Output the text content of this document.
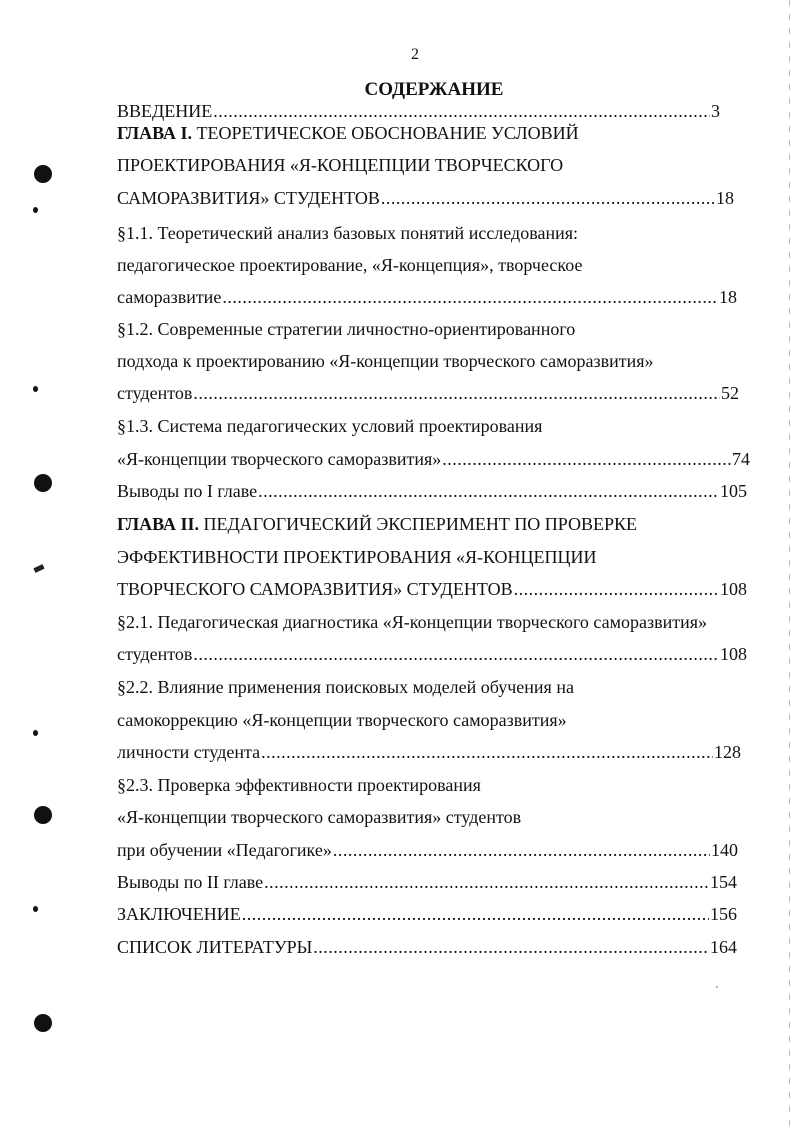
2
СОДЕРЖАНИЕ
ВВЕДЕНИЕ .....	3
ГЛАВА I. ТЕОРЕТИЧЕСКОЕ ОБОСНОВАНИЕ УСЛОВИЙ
ПРОЕКТИРОВАНИЯ «Я-КОНЦЕПЦИИ ТВОРЧЕСКОГО
САМОРАЗВИТИЯ» СТУДЕНТОВ .....	18
§1.1. Теоретический анализ базовых понятий исследования:
педагогическое проектирование, «Я-концепция», творческое
саморазвитие .....	18
§1.2. Современные стратегии личностно-ориентированного
подхода к проектированию «Я-концепции творческого саморазвития»
студентов .....	52
§1.3. Система педагогических условий проектирования
«Я-концепции творческого саморазвития» .....	74
Выводы по I главе .....	105
ГЛАВА II. ПЕДАГОГИЧЕСКИЙ ЭКСПЕРИМЕНТ ПО ПРОВЕРКЕ
ЭФФЕКТИВНОСТИ ПРОЕКТИРОВАНИЯ «Я-КОНЦЕПЦИИ
ТВОРЧЕСКОГО САМОРАЗВИТИЯ» СТУДЕНТОВ .....	108
§2.1. Педагогическая диагностика «Я-концепции творческого саморазвития»
студентов .....	108
§2.2. Влияние применения поисковых моделей обучения на
самокоррекцию «Я-концепции творческого саморазвития»
личности студента .....	128
§2.3. Проверка эффективности проектирования
«Я-концепции творческого саморазвития» студентов
при обучении «Педагогике» .....	140
Выводы по II главе .....	154
ЗАКЛЮЧЕНИЕ .....	156
СПИСОК ЛИТЕРАТУРЫ .....	164
